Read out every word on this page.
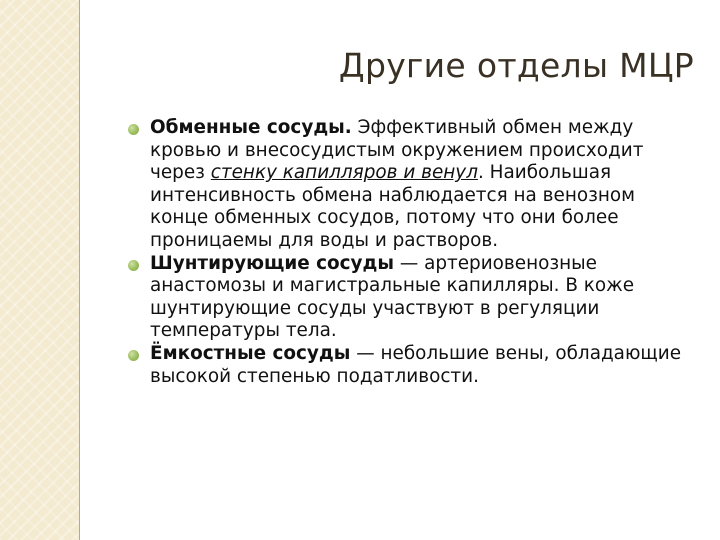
Другие отделы МЦР
Обменные сосуды. Эффективный обмен между кровью и внесосудистым окружением происходит через стенку капилляров и венул. Наибольшая интенсивность обмена наблюдается на венозном конце обменных сосудов, потому что они более проницаемы для воды и растворов.
Шунтирующие сосуды — артериовенозные анастомозы и магистральные капилляры. В коже шунтирующие сосуды участвуют в регуляции температуры тела.
Ёмкостные сосуды — небольшие вены, обладающие высокой степенью податливости.
